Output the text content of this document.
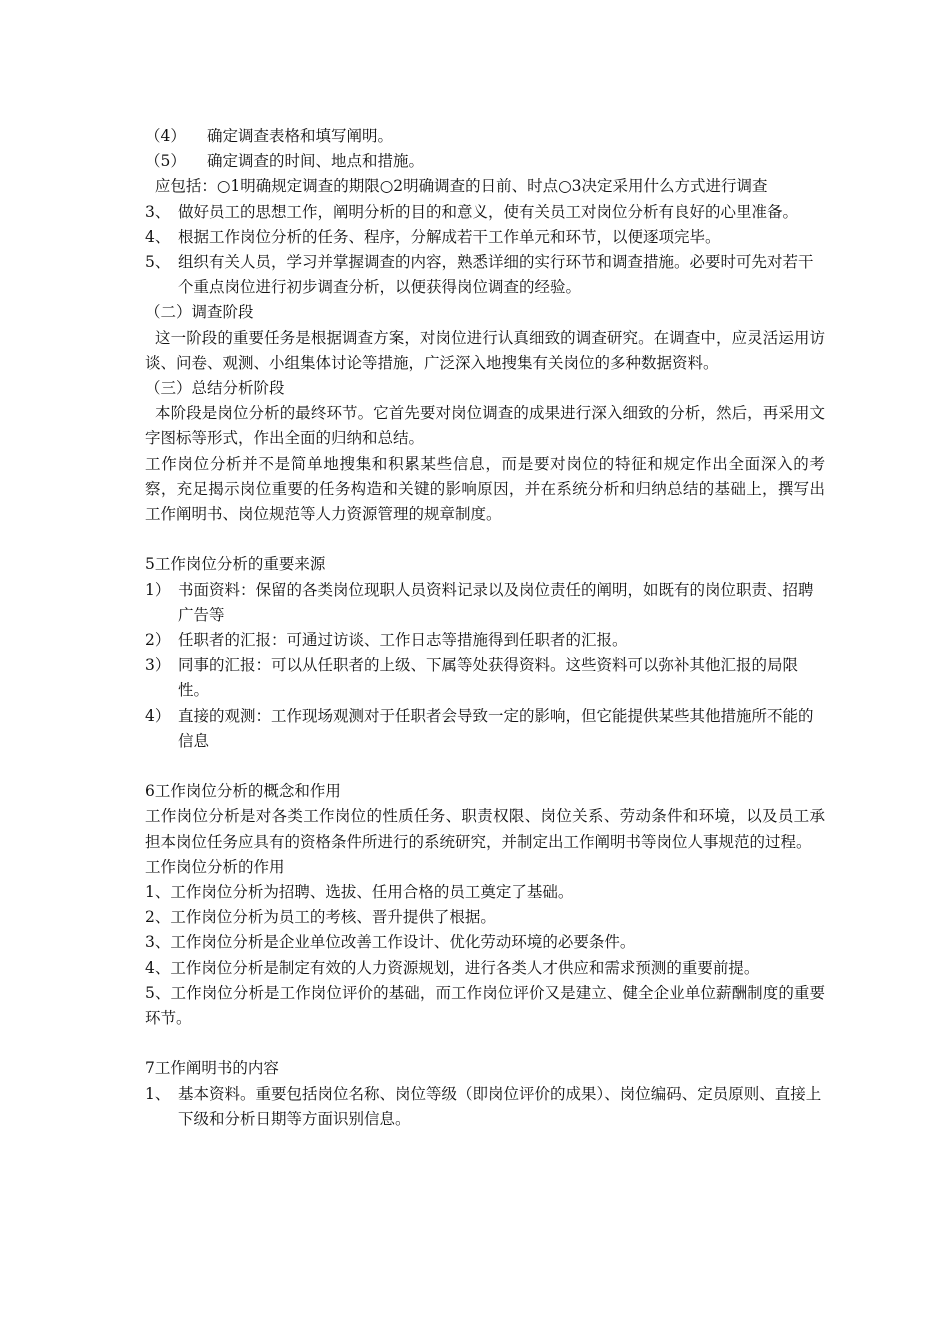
（4）	确定调查表格和填写阐明。
（5）	确定调查的时间、地点和措施。

应包括：○1明确规定调查的期限○2明确调查的日前、时点○3决定采用什么方式进行调查

3、 做好员工的思想工作，阐明分析的目的和意义，使有关员工对岗位分析有良好的心里准备。
4、 根据工作岗位分析的任务、程序，分解成若干工作单元和环节，以便逐项完毕。
5、 组织有关人员，学习并掌握调查的内容，熟悉详细的实行环节和调查措施。必要时可先对若干个重点岗位进行初步调查分析，以便获得岗位调查的经验。

（二）调查阶段

这一阶段的重要任务是根据调查方案，对岗位进行认真细致的调查研究。在调查中，应灵活运用访谈、问卷、观测、小组集体讨论等措施，广泛深入地搜集有关岗位的多种数据资料。

（三）总结分析阶段

本阶段是岗位分析的最终环节。它首先要对岗位调查的成果进行深入细致的分析，然后，再采用文字图标等形式，作出全面的归纳和总结。

工作岗位分析并不是简单地搜集和积累某些信息，而是要对岗位的特征和规定作出全面深入的考察，充足揭示岗位重要的任务构造和关键的影响原因，并在系统分析和归纳总结的基础上，撰写出工作阐明书、岗位规范等人力资源管理的规章制度。

5工作岗位分析的重要来源

1） 书面资料：保留的各类岗位现职人员资料记录以及岗位责任的阐明，如既有的岗位职责、招聘广告等
2） 任职者的汇报：可通过访谈、工作日志等措施得到任职者的汇报。
3） 同事的汇报：可以从任职者的上级、下属等处获得资料。这些资料可以弥补其他汇报的局限性。
4） 直接的观测：工作现场观测对于任职者会导致一定的影响，但它能提供某些其他措施所不能的信息

6工作岗位分析的概念和作用

工作岗位分析是对各类工作岗位的性质任务、职责权限、岗位关系、劳动条件和环境，以及员工承担本岗位任务应具有的资格条件所进行的系统研究，并制定出工作阐明书等岗位人事规范的过程。

工作岗位分析的作用

1、工作岗位分析为招聘、选拔、任用合格的员工奠定了基础。

2、工作岗位分析为员工的考核、晋升提供了根据。

3、工作岗位分析是企业单位改善工作设计、优化劳动环境的必要条件。

4、工作岗位分析是制定有效的人力资源规划，进行各类人才供应和需求预测的重要前提。

5、工作岗位分析是工作岗位评价的基础，而工作岗位评价又是建立、健全企业单位薪酬制度的重要环节。

7工作阐明书的内容

1、 基本资料。重要包括岗位名称、岗位等级（即岗位评价的成果）、岗位编码、定员原则、直接上下级和分析日期等方面识别信息。
